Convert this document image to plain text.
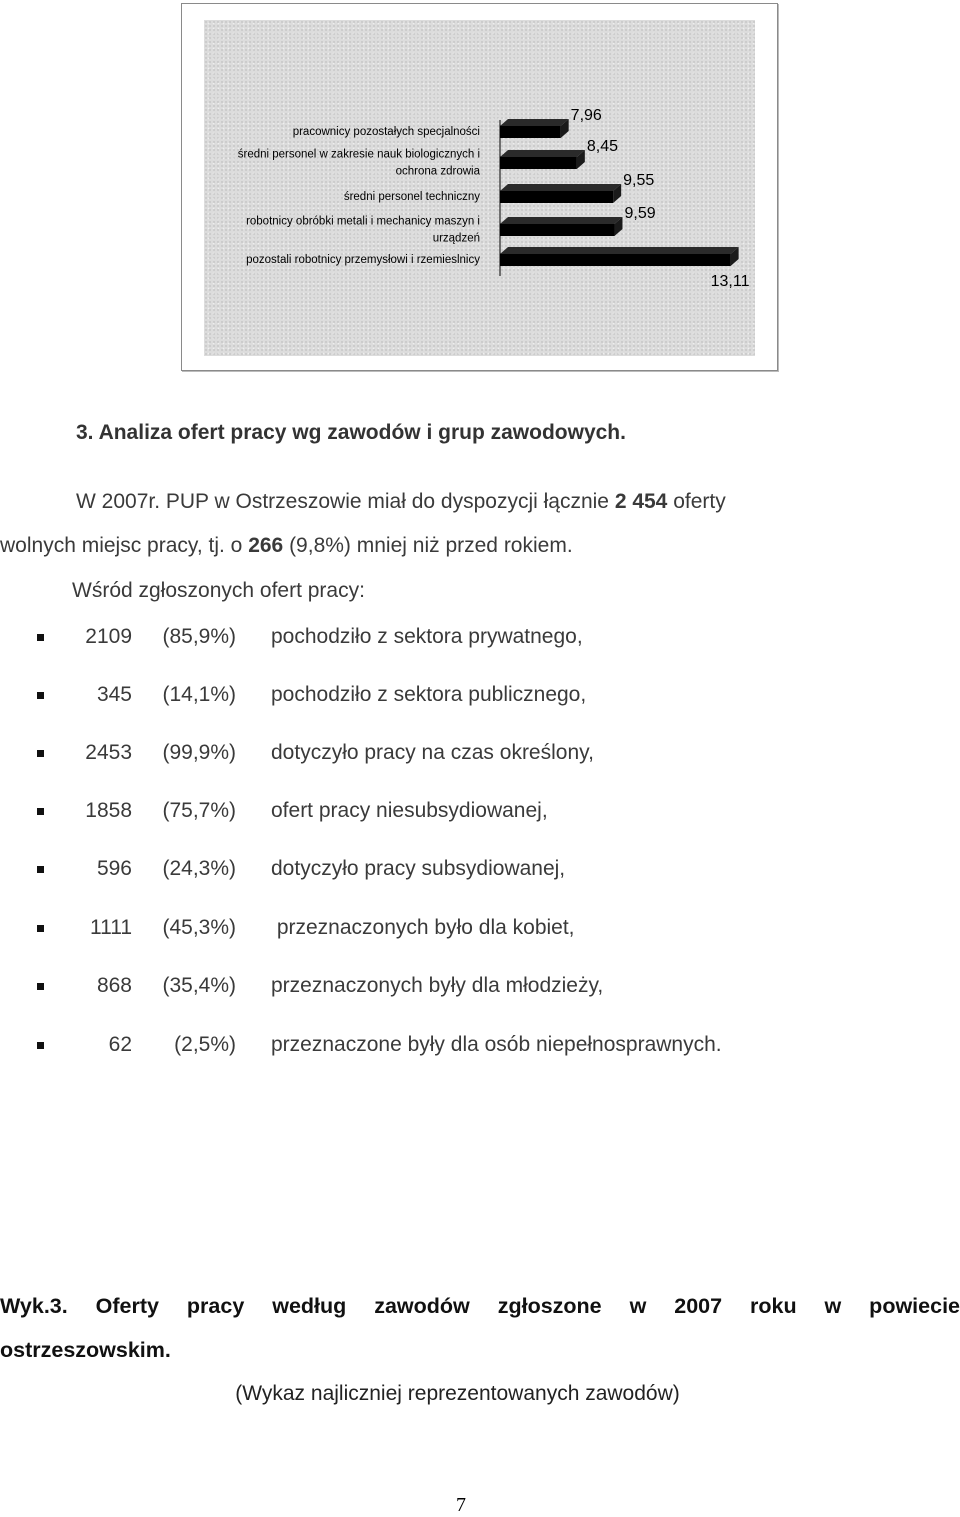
7,96
8,45
9,55
9,59
13,11
pracownicy pozostałych specjalności
średni personel w zakresie nauk biologicznych i
ochrona zdrowia
średni personel techniczny
robotnicy obróbki metali i mechanicy maszyn i
urządzeń
pozostali robotnicy przemysłowi i rzemieslnicy
3. Analiza ofert pracy wg zawodów i grup zawodowych.
W 2007r. PUP w Ostrzeszowie miał do dyspozycji łącznie 2 454 oferty
wolnych miejsc pracy, tj. o 266 (9,8%) mniej niż przed rokiem.
Wśród zgłoszonych ofert pracy:
2109	(85,9%) pochodziło z sektora prywatnego,
345	(14,1%) pochodziło z sektora publicznego,
2453	(99,9%) dotyczyło pracy na czas określony,
1858	(75,7%) ofert pracy niesubsydiowanej,
596	(24,3%) dotyczyło pracy subsydiowanej,
1111	(45,3%) przeznaczonych było dla kobiet,
868	(35,4%) przeznaczonych były dla młodzieży,
62	(2,5%) przeznaczone były dla osób niepełnosprawnych.
Wyk.3. Oferty pracy według zawodów zgłoszone w 2007 roku w powiecie
ostrzeszowskim.
(Wykaz najliczniej reprezentowanych zawodów)
7
